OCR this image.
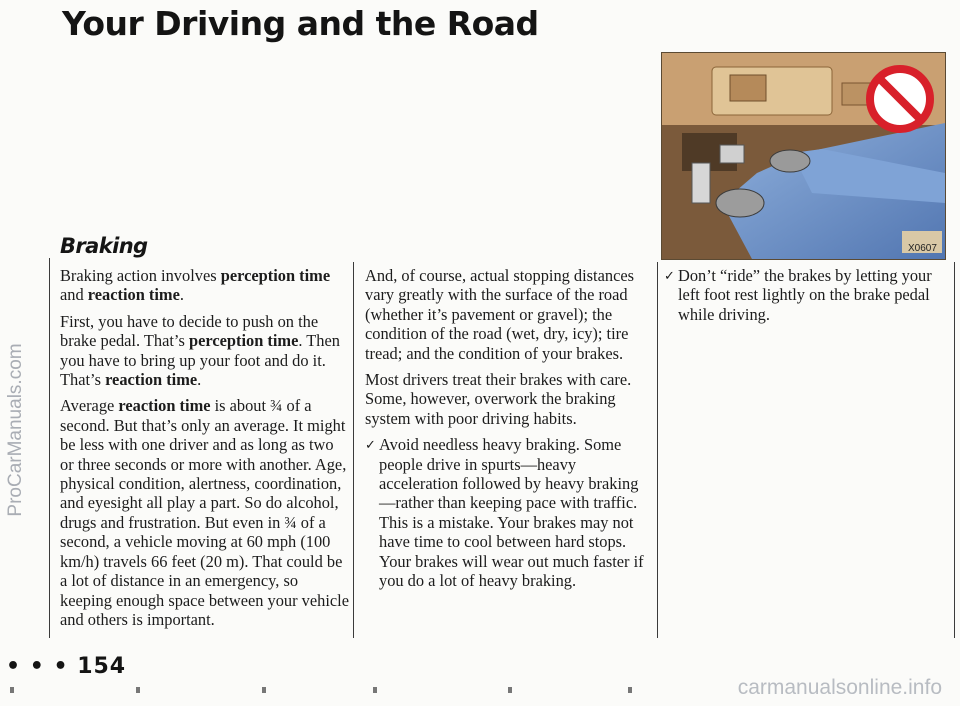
Your Driving and the Road
ProCarManuals.com
Braking

Braking action involves perception time and reaction time.

First, you have to decide to push on the brake pedal. That’s perception time. Then you have to bring up your foot and do it. That’s reaction time.

Average reaction time is about ¾ of a second. But that’s only an average. It might be less with one driver and as long as two or three seconds or more with another. Age, physical condition, alertness, coordination, and eyesight all play a part. So do alcohol, drugs and frustration. But even in ¾ of a second, a vehicle moving at 60 mph (100 km/h) travels 66 feet (20 m). That could be a lot of distance in an emergency, so keeping enough space between your vehicle and others is important.

And, of course, actual stopping distances vary greatly with the surface of the road (whether it’s pavement or gravel); the condition of the road (wet, dry, icy); tire tread; and the condition of your brakes.

Most drivers treat their brakes with care. Some, however, overwork the braking system with poor driving habits.

✓ Avoid needless heavy braking. Some people drive in spurts—heavy acceleration followed by heavy braking—rather than keeping pace with traffic. This is a mistake. Your brakes may not have time to cool between hard stops. Your brakes will wear out much faster if you do a lot of heavy braking.

✓ Don’t “ride” the brakes by letting your left foot rest lightly on the brake pedal while driving.

X0607
• • • 154
carmanualsonline.info
